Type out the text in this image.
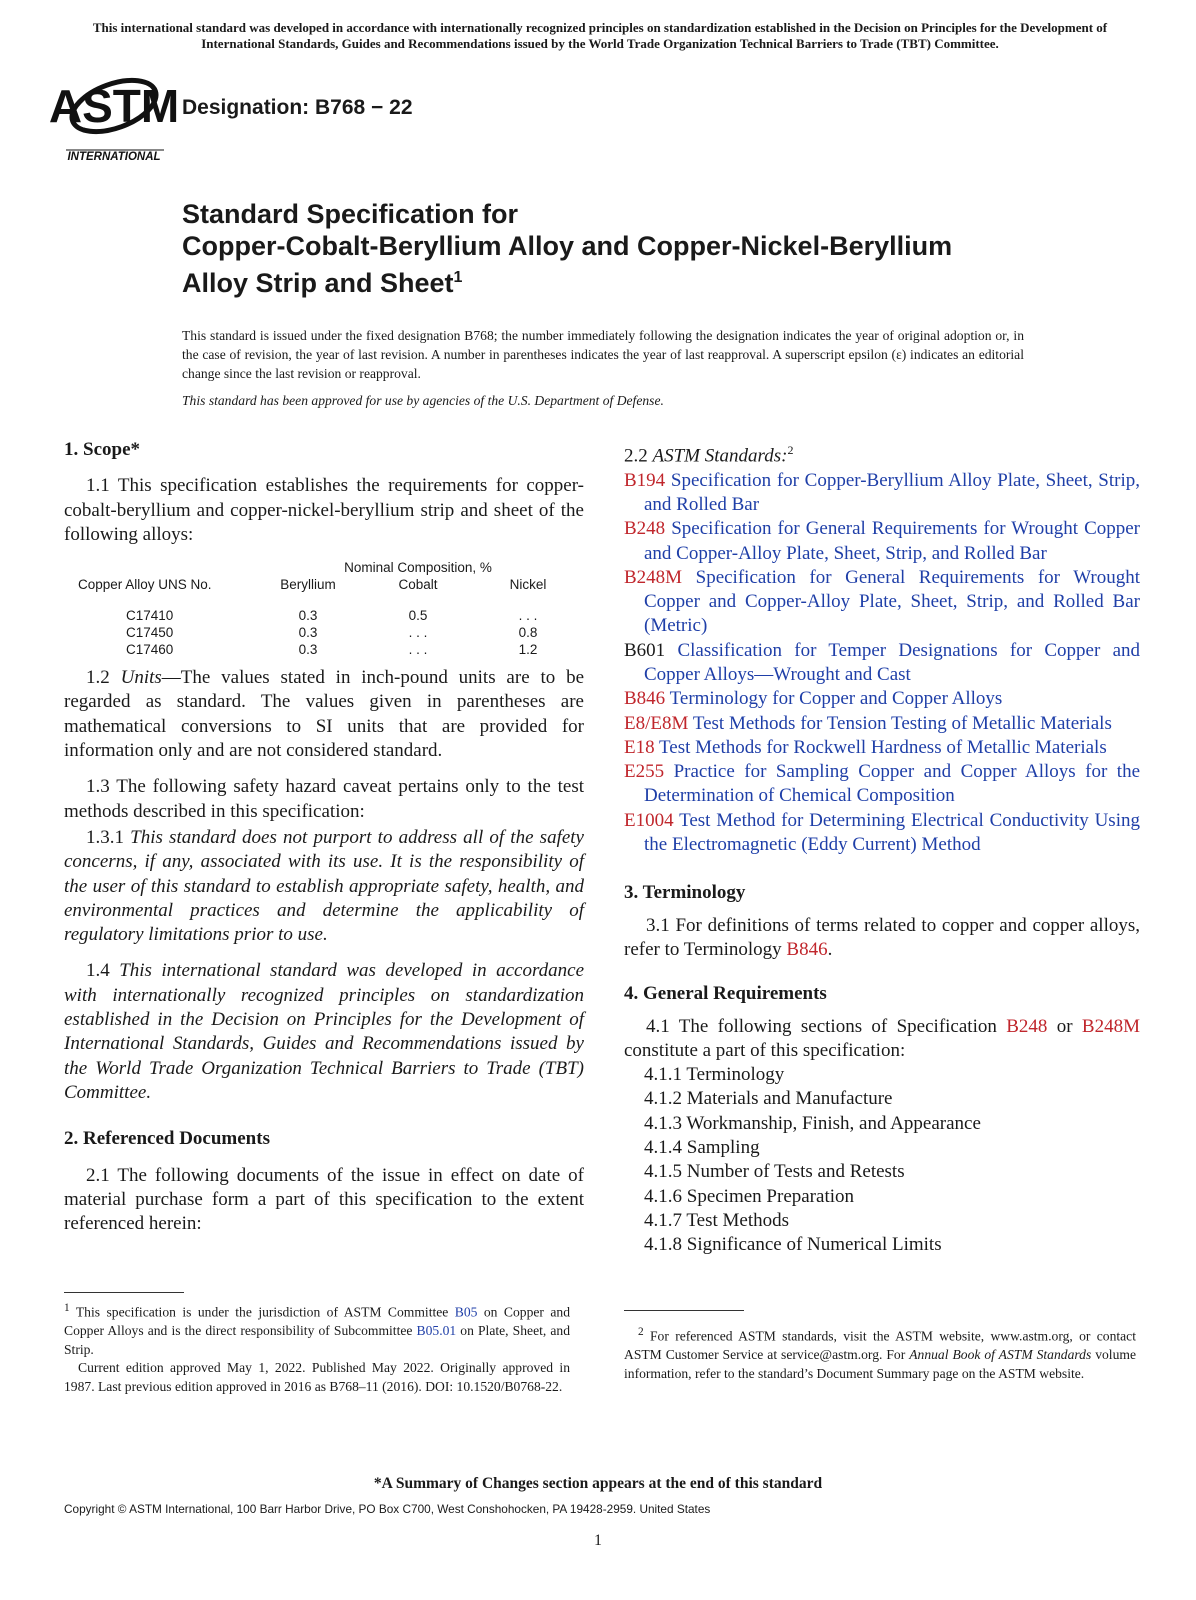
This international standard was developed in accordance with internationally recognized principles on standardization established in the Decision on Principles for the Development of International Standards, Guides and Recommendations issued by the World Trade Organization Technical Barriers to Trade (TBT) Committee.
ASTM
INTERNATIONAL
Designation: B768 − 22
Standard Specification for
Copper-Cobalt-Beryllium Alloy and Copper-Nickel-Beryllium
Alloy Strip and Sheet$^1$
This standard is issued under the fixed designation B768; the number immediately following the designation indicates the year of original adoption or, in the case of revision, the year of last revision. A number in parentheses indicates the year of last reapproval. A superscript epsilon (ε) indicates an editorial change since the last revision or reapproval.
This standard has been approved for use by agencies of the U.S. Department of Defense.

1. Scope*

1.1 This specification establishes the requirements for copper-cobalt-beryllium and copper-nickel-beryllium strip and sheet of the following alloys:

	Nominal Composition, %		
Copper Alloy UNS No.	Beryllium	Cobalt	Nickel

C17410	0.3	0.5	. . .
C17450	0.3	. . .	0.8
C17460	0.3	. . .	1.2

1.2 Units—The values stated in inch-pound units are to be regarded as standard. The values given in parentheses are mathematical conversions to SI units that are provided for information only and are not considered standard.

1.3 The following safety hazard caveat pertains only to the test methods described in this specification:

1.3.1 This standard does not purport to address all of the safety concerns, if any, associated with its use. It is the responsibility of the user of this standard to establish appropriate safety, health, and environmental practices and determine the applicability of regulatory limitations prior to use.

1.4 This international standard was developed in accordance with internationally recognized principles on standardization established in the Decision on Principles for the Development of International Standards, Guides and Recommendations issued by the World Trade Organization Technical Barriers to Trade (TBT) Committee.

2. Referenced Documents

2.1 The following documents of the issue in effect on date of material purchase form a part of this specification to the extent referenced herein:

$^1$ This specification is under the jurisdiction of ASTM Committee B05 on Copper and Copper Alloys and is the direct responsibility of Subcommittee B05.01 on Plate, Sheet, and Strip.
Current edition approved May 1, 2022. Published May 2022. Originally approved in 1987. Last previous edition approved in 2016 as B768–11 (2016). DOI: 10.1520/B0768-22.

2.2 ASTM Standards:$^2$

B194 Specification for Copper-Beryllium Alloy Plate, Sheet, Strip, and Rolled Bar

B248 Specification for General Requirements for Wrought Copper and Copper-Alloy Plate, Sheet, Strip, and Rolled Bar

B248M Specification for General Requirements for Wrought Copper and Copper-Alloy Plate, Sheet, Strip, and Rolled Bar (Metric)

B601 Classification for Temper Designations for Copper and Copper Alloys—Wrought and Cast

B846 Terminology for Copper and Copper Alloys

E8/E8M Test Methods for Tension Testing of Metallic Materials

E18 Test Methods for Rockwell Hardness of Metallic Materials

E255 Practice for Sampling Copper and Copper Alloys for the Determination of Chemical Composition

E1004 Test Method for Determining Electrical Conductivity Using the Electromagnetic (Eddy Current) Method

3. Terminology

3.1 For definitions of terms related to copper and copper alloys, refer to Terminology B846.

4. General Requirements

4.1 The following sections of Specification B248 or B248M constitute a part of this specification:

4.1.1 Terminology
4.1.2 Materials and Manufacture
4.1.3 Workmanship, Finish, and Appearance
4.1.4 Sampling
4.1.5 Number of Tests and Retests
4.1.6 Specimen Preparation
4.1.7 Test Methods
4.1.8 Significance of Numerical Limits
$^2$ For referenced ASTM standards, visit the ASTM website, www.astm.org, or contact ASTM Customer Service at service@astm.org. For Annual Book of ASTM Standards volume information, refer to the standard’s Document Summary page on the ASTM website.
*A Summary of Changes section appears at the end of this standard
Copyright © ASTM International, 100 Barr Harbor Drive, PO Box C700, West Conshohocken, PA 19428-2959. United States
1
